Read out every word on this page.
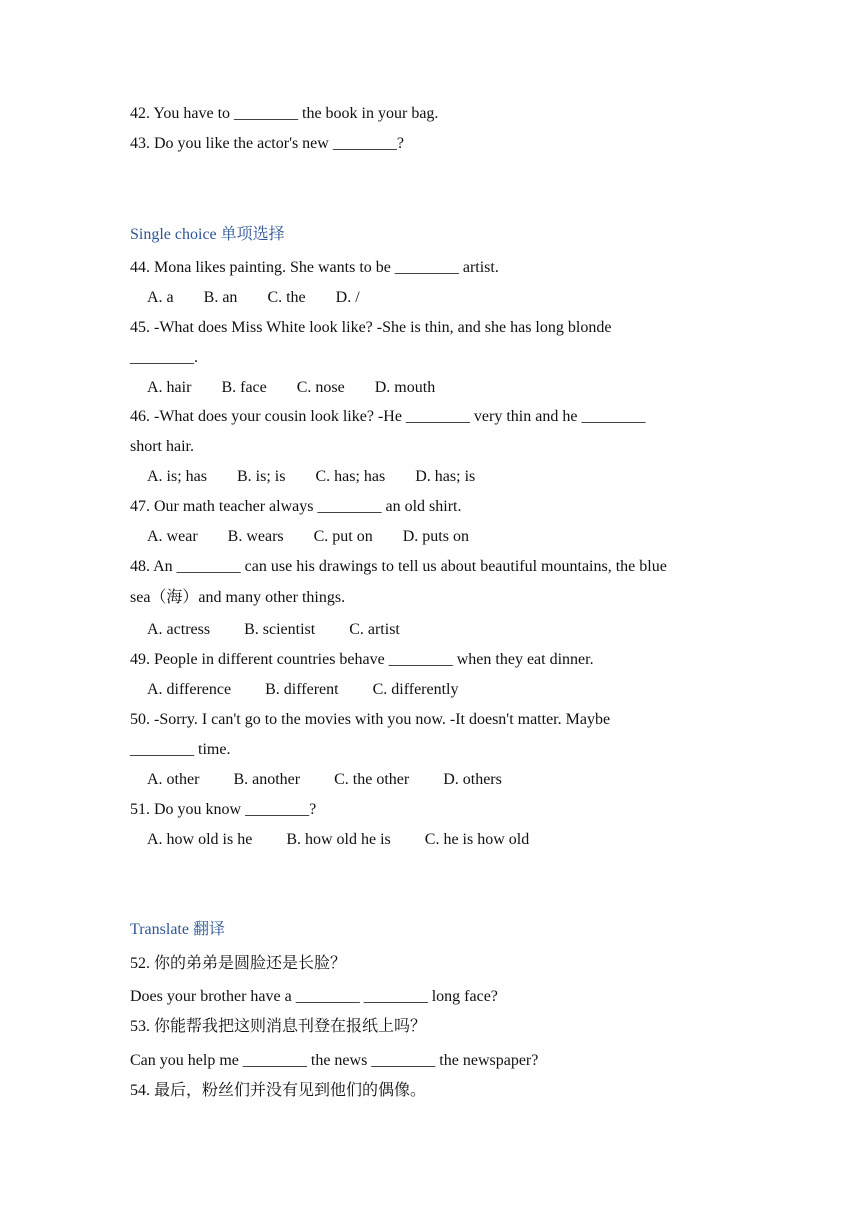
42. You have to ________ the book in your bag.
43. Do you like the actor's new ________?
Single choice 单项选择
44. Mona likes painting. She wants to be ________ artist.
A. a B. an C. the D. /
45. -What does Miss White look like? -She is thin, and she has long blonde
________.
A. hair B. face C. nose D. mouth
46. -What does your cousin look like? -He ________ very thin and he ________
short hair.
A. is; has B. is; is C. has; has D. has; is
47. Our math teacher always ________ an old shirt.
A. wear B. wears C. put on D. puts on
48. An ________ can use his drawings to tell us about beautiful mountains, the blue
sea（海）and many other things.
A. actress B. scientist C. artist
49. People in different countries behave ________ when they eat dinner.
A. difference B. different C. differently
50. -Sorry. I can't go to the movies with you now. -It doesn't matter. Maybe
________ time.
A. other B. another C. the other D. others
51. Do you know ________?
A. how old is he B. how old he is C. he is how old
Translate 翻译
52. 你的弟弟是圆脸还是长脸？
Does your brother have a ________ ________ long face?
53. 你能帮我把这则消息刊登在报纸上吗？
Can you help me ________ the news ________ the newspaper?
54. 最后，粉丝们并没有见到他们的偶像。
